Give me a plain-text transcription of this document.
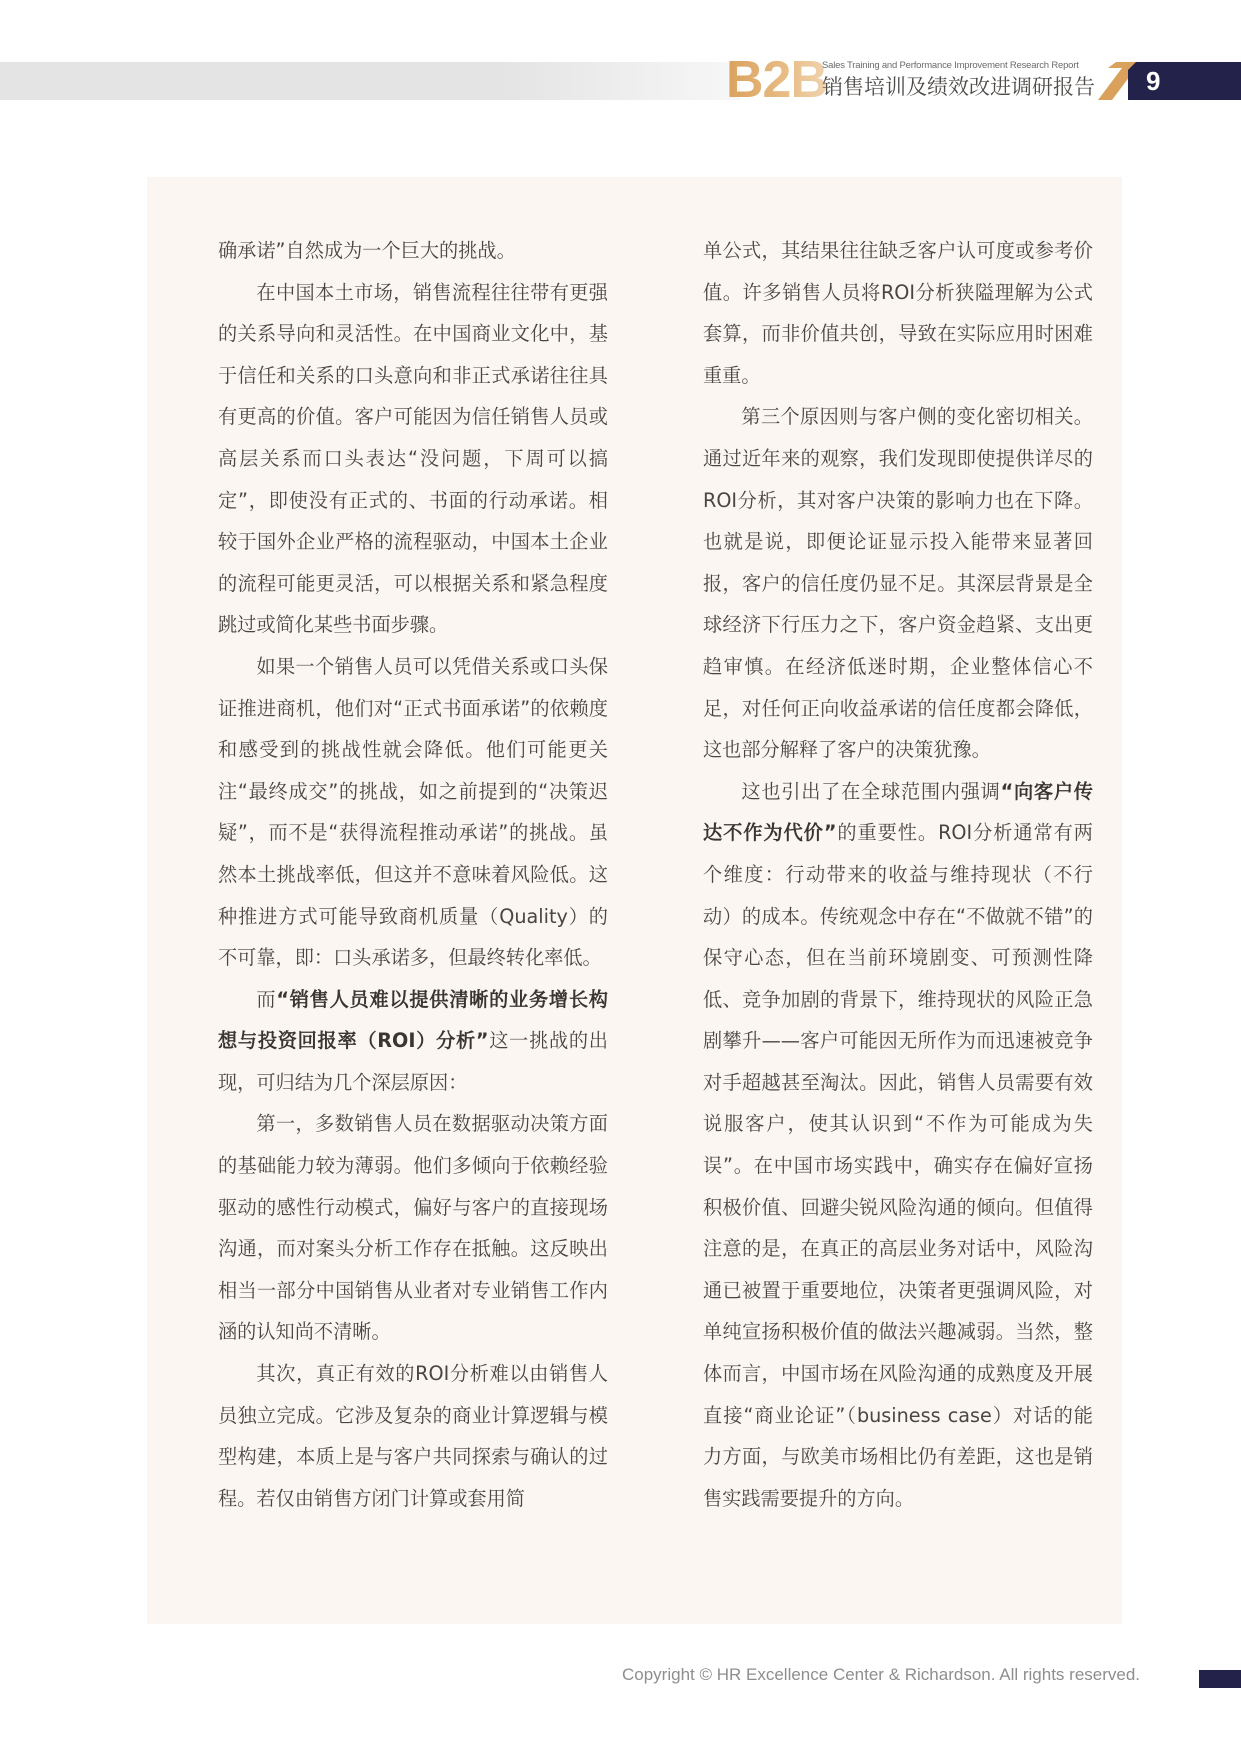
B2B
Sales Training and Performance Improvement Research Report
销售培训及绩效改进调研报告 9

确承诺”自然成为一个巨大的挑战。

在中国本土市场，销售流程往往带有更强的关系导向和灵活性。在中国商业文化中，基于信任和关系的口头意向和非正式承诺往往具有更高的价值。客户可能因为信任销售人员或高层关系而口头表达“没问题，下周可以搞定”，即使没有正式的、书面的行动承诺。相较于国外企业严格的流程驱动，中国本土企业的流程可能更灵活，可以根据关系和紧急程度跳过或简化某些书面步骤。

如果一个销售人员可以凭借关系或口头保证推进商机，他们对“正式书面承诺”的依赖度和感受到的挑战性就会降低。他们可能更关注“最终成交”的挑战，如之前提到的“决策迟疑”，而不是“获得流程推动承诺”的挑战。虽然本土挑战率低，但这并不意味着风险低。这种推进方式可能导致商机质量（Quality）的不可靠，即：口头承诺多，但最终转化率低。

而“销售人员难以提供清晰的业务增长构想与投资回报率（ROI）分析”这一挑战的出现，可归结为几个深层原因：

第一，多数销售人员在数据驱动决策方面的基础能力较为薄弱。他们多倾向于依赖经验驱动的感性行动模式，偏好与客户的直接现场沟通，而对案头分析工作存在抵触。这反映出相当一部分中国销售从业者对专业销售工作内涵的认知尚不清晰。

其次，真正有效的ROI分析难以由销售人员独立完成。它涉及复杂的商业计算逻辑与模型构建，本质上是与客户共同探索与确认的过程。若仅由销售方闭门计算或套用简

单公式，其结果往往缺乏客户认可度或参考价值。许多销售人员将ROI分析狭隘理解为公式套算，而非价值共创，导致在实际应用时困难重重。

第三个原因则与客户侧的变化密切相关。通过近年来的观察，我们发现即使提供详尽的ROI分析，其对客户决策的影响力也在下降。也就是说，即便论证显示投入能带来显著回报，客户的信任度仍显不足。其深层背景是全球经济下行压力之下，客户资金趋紧、支出更趋审慎。在经济低迷时期，企业整体信心不足，对任何正向收益承诺的信任度都会降低，这也部分解释了客户的决策犹豫。

这也引出了在全球范围内强调“向客户传达不作为代价”的重要性。ROI分析通常有两个维度：行动带来的收益与维持现状（不行动）的成本。传统观念中存在“不做就不错”的保守心态，但在当前环境剧变、可预测性降低、竞争加剧的背景下，维持现状的风险正急剧攀升——客户可能因无所作为而迅速被竞争对手超越甚至淘汰。因此，销售人员需要有效说服客户，使其认识到“不作为可能成为失误”。在中国市场实践中，确实存在偏好宣扬积极价值、回避尖锐风险沟通的倾向。但值得注意的是，在真正的高层业务对话中，风险沟通已被置于重要地位，决策者更强调风险，对单纯宣扬积极价值的做法兴趣减弱。当然，整体而言，中国市场在风险沟通的成熟度及开展直接“商业论证”（business case）对话的能力方面，与欧美市场相比仍有差距，这也是销售实践需要提升的方向。

Copyright © HR Excellence Center & Richardson. All rights reserved.
